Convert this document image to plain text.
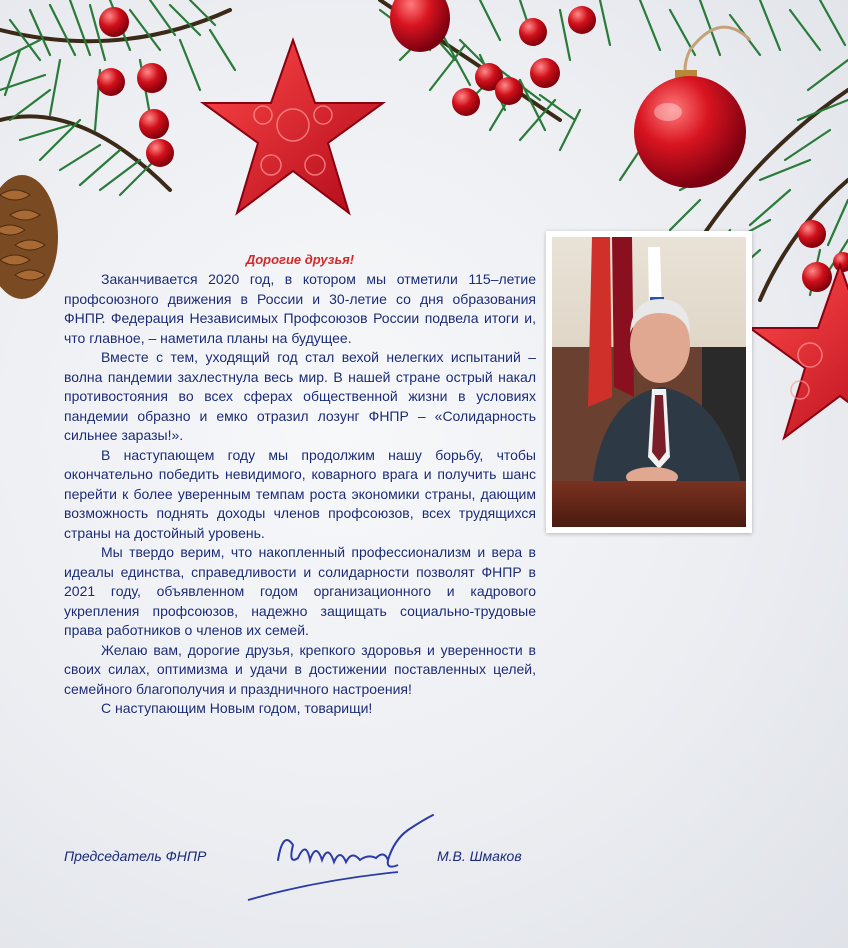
Дорогие друзья!

Заканчивается 2020 год, в котором мы отметили 115–летие профсоюзного движения в России и 30-летие со дня образования ФНПР. Федерация Независимых Профсоюзов России подвела итоги и, что главное, – наметила планы на будущее.

Вместе с тем, уходящий год стал вехой нелегких испытаний – волна пандемии захлестнула весь мир. В нашей стране острый накал противостояния во всех сферах общественной жизни в условиях пандемии образно и емко отразил лозунг ФНПР – «Солидарность сильнее заразы!».

В наступающем году мы продолжим нашу борьбу, чтобы окончательно победить невидимого, коварного врага и получить шанс перейти к более уверенным темпам роста экономики страны, дающим возможность поднять доходы членов профсоюзов, всех трудящихся страны на достойный уровень.

Мы твердо верим, что накопленный профессионализм и вера в идеалы единства, справедливости и солидарности позволят ФНПР в 2021 году, объявленном годом организационного и кадрового укрепления профсоюзов, надежно защищать социально-трудовые права работников о членов их семей.

Желаю вам, дорогие друзья, крепкого здоровья и уверенности в своих силах, оптимизма и удачи в достижении поставленных целей, семейного благополучия и праздничного настроения!

С наступающим Новым годом, товарищи!

Председатель ФНПР	М.В. Шмаков
